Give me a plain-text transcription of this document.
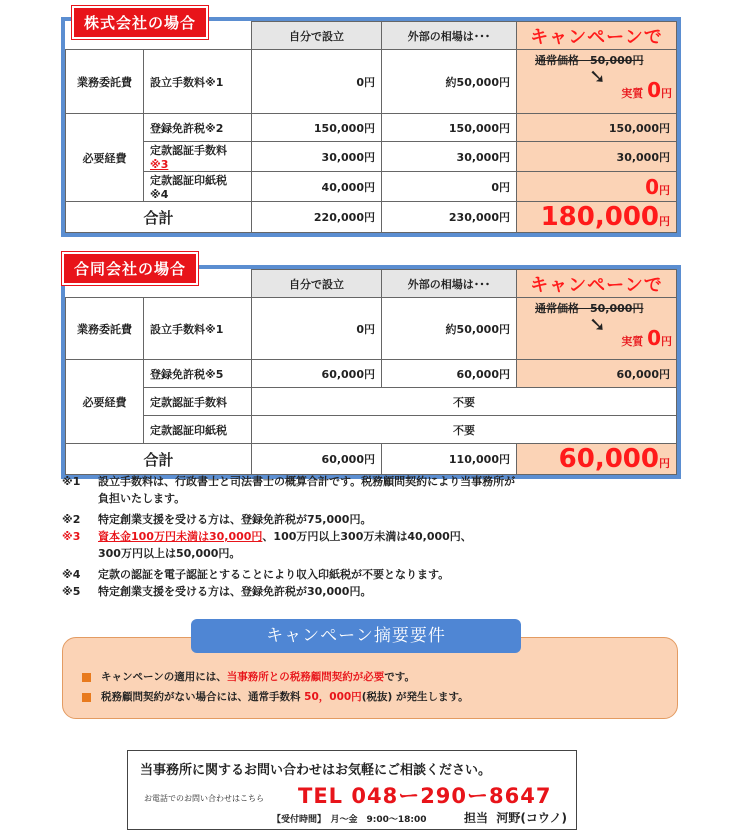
		自分で設立	外部の相場は･･･	キャンペーンで
業務委託費	設立手数料※1	0円	約50,000円	通常価格　50,000円
➘
実質 0円

必要経費	登録免許税※2	150,000円	150,000円	150,000円
	定款認証手数料※3	30,000円	30,000円	30,000円
	定款認証印紙税※4	40,000円	0円	0円
合計		220,000円	230,000円	180,000円
株式会社の場合
		自分で設立	外部の相場は･･･	キャンペーンで
業務委託費	設立手数料※1	0円	約50,000円	通常価格　50,000円
➘
実質 0円

必要経費	登録免許税※5	60,000円	60,000円	60,000円
	定款認証手数料	不要		
	定款認証印紙税	不要		
合計		60,000円	110,000円	60,000円
合同会社の場合
※1	設立手数料は、行政書士と司法書士の概算合計です。税務顧問契約により当事務所が
負担いたします。
※2	特定創業支援を受ける方は、登録免許税が75,000円。
※3	資本金100万円未満は30,000円、100万円以上300万未満は40,000円、
300万円以上は50,000円。
※4	定款の認証を電子認証とすることにより収入印紙税が不要となります。
※5	特定創業支援を受ける方は、登録免許税が30,000円。
キャンペーン摘要要件
キャンペーンの適用には、当事務所との税務顧問契約が必要です。
税務顧問契約がない場合には、通常手数料 50，000円(税抜) が発生します。
当事務所に関するお問い合わせはお気軽にご相談ください。
お電話でのお問い合わせはこちら TEL 048ー290ー8647
【受付時間】　月～金　9:00～18:00	担当 河野(コウノ)
